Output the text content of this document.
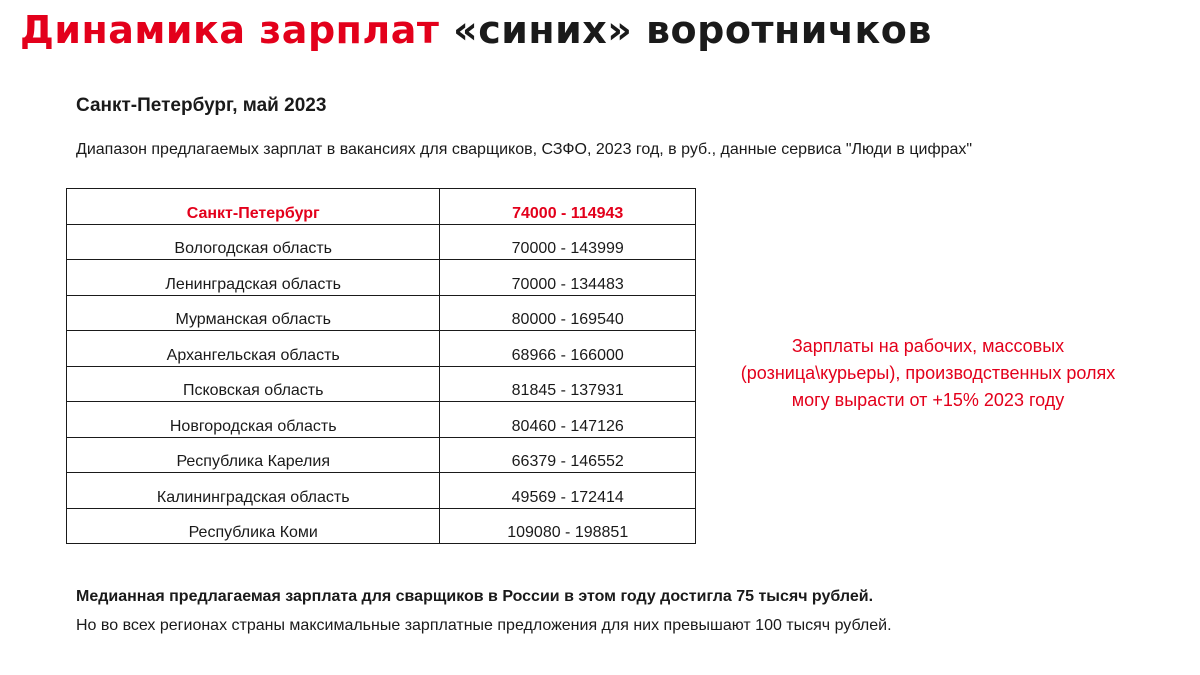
Динамика зарплат «синих» воротничков
Санкт-Петербург, май 2023

Диапазон предлагаемых зарплат в вакансиях для сварщиков, СЗФО, 2023 год, в руб., данные сервиса "Люди в цифрах"

Санкт-Петербург	74000 - 114943
Вологодская область	70000 - 143999
Ленинградская область	70000 - 134483
Мурманская область	80000 - 169540
Архангельская область	68966 - 166000
Псковская область	81845 - 137931
Новгородская область	80460 - 147126
Республика Карелия	66379 - 146552
Калининградская область	49569 - 172414
Республика Коми	109080 - 198851

Зарплаты на рабочих, массовых
(розница\курьеры), производственных ролях
могу вырасти от +15% 2023 году

Медианная предлагаемая зарплата для сварщиков в России в этом году достигла 75 тысяч рублей.

Но во всех регионах страны максимальные зарплатные предложения для них превышают 100 тысяч рублей.
